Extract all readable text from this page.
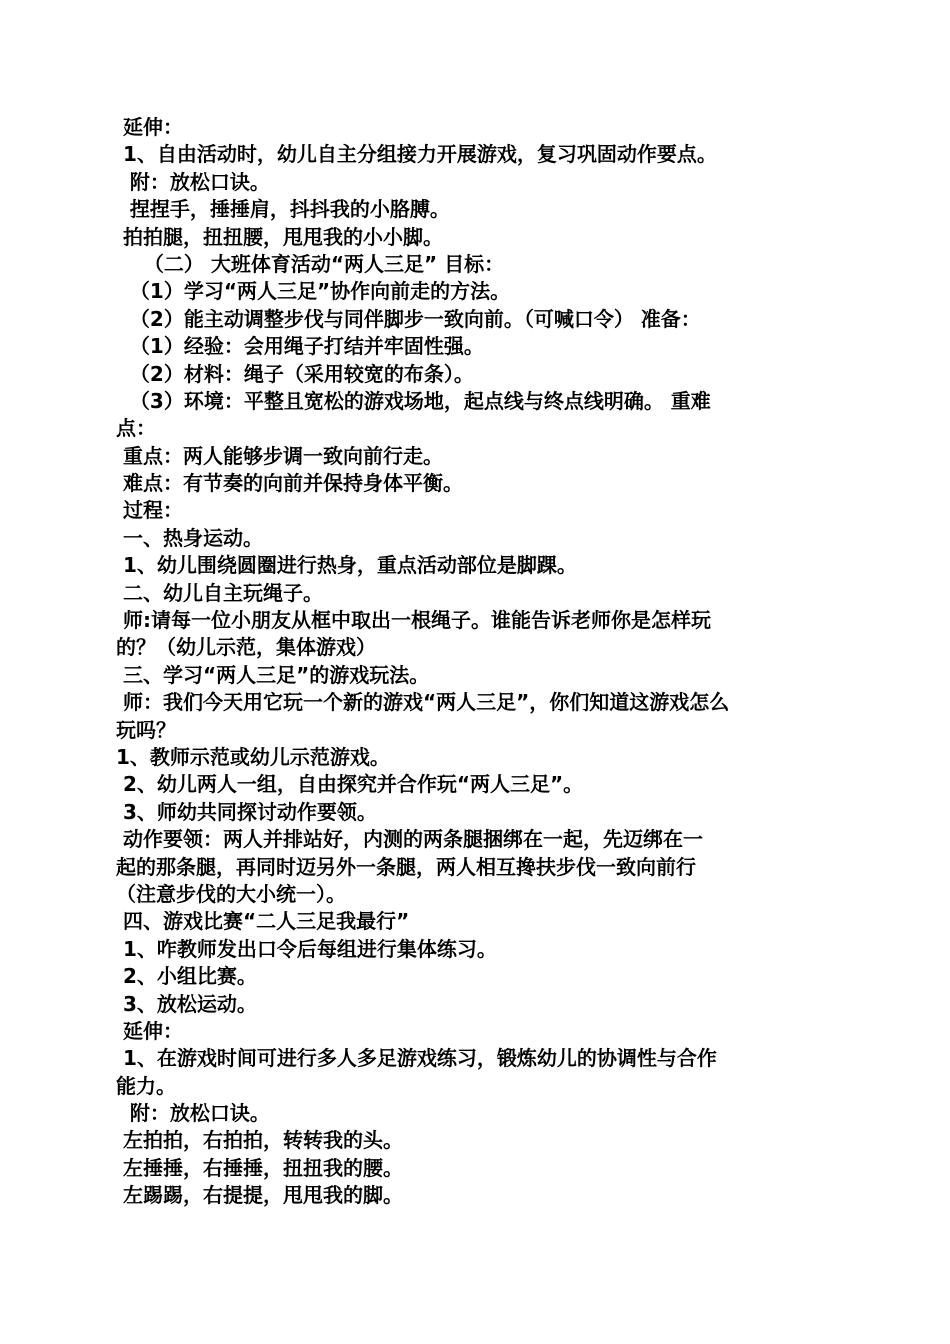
延伸：
1、自由活动时，幼儿自主分组接力开展游戏，复习巩固动作要点。
附：放松口诀。
捏捏手，捶捶肩，抖抖我的小胳膊。
拍拍腿，扭扭腰，甩甩我的小小脚。
（二） 大班体育活动“两人三足” 目标：
（1）学习“两人三足”协作向前走的方法。
（2）能主动调整步伐与同伴脚步一致向前。（可喊口令） 准备：
（1）经验：会用绳子打结并牢固性强。
（2）材料：绳子（采用较宽的布条）。
（3）环境：平整且宽松的游戏场地，起点线与终点线明确。 重难
点：
重点：两人能够步调一致向前行走。
难点：有节奏的向前并保持身体平衡。
过程：
一、热身运动。
1、幼儿围绕圆圈进行热身，重点活动部位是脚踝。
二、幼儿自主玩绳子。
师:请每一位小朋友从框中取出一根绳子。谁能告诉老师你是怎样玩
的？（幼儿示范，集体游戏）
三、学习“两人三足”的游戏玩法。
师：我们今天用它玩一个新的游戏“两人三足”，你们知道这游戏怎么
玩吗？
1、教师示范或幼儿示范游戏。
2、幼儿两人一组，自由探究并合作玩“两人三足”。
3、师幼共同探讨动作要领。
动作要领：两人并排站好，内测的两条腿捆绑在一起，先迈绑在一
起的那条腿，再同时迈另外一条腿，两人相互搀扶步伐一致向前行
（注意步伐的大小统一）。
四、游戏比赛“二人三足我最行”
1、咋教师发出口令后每组进行集体练习。
2、小组比赛。
3、放松运动。
延伸：
1、在游戏时间可进行多人多足游戏练习，锻炼幼儿的协调性与合作
能力。
附：放松口诀。
左拍拍，右拍拍，转转我的头。
左捶捶，右捶捶，扭扭我的腰。
左踢踢，右提提，甩甩我的脚。
